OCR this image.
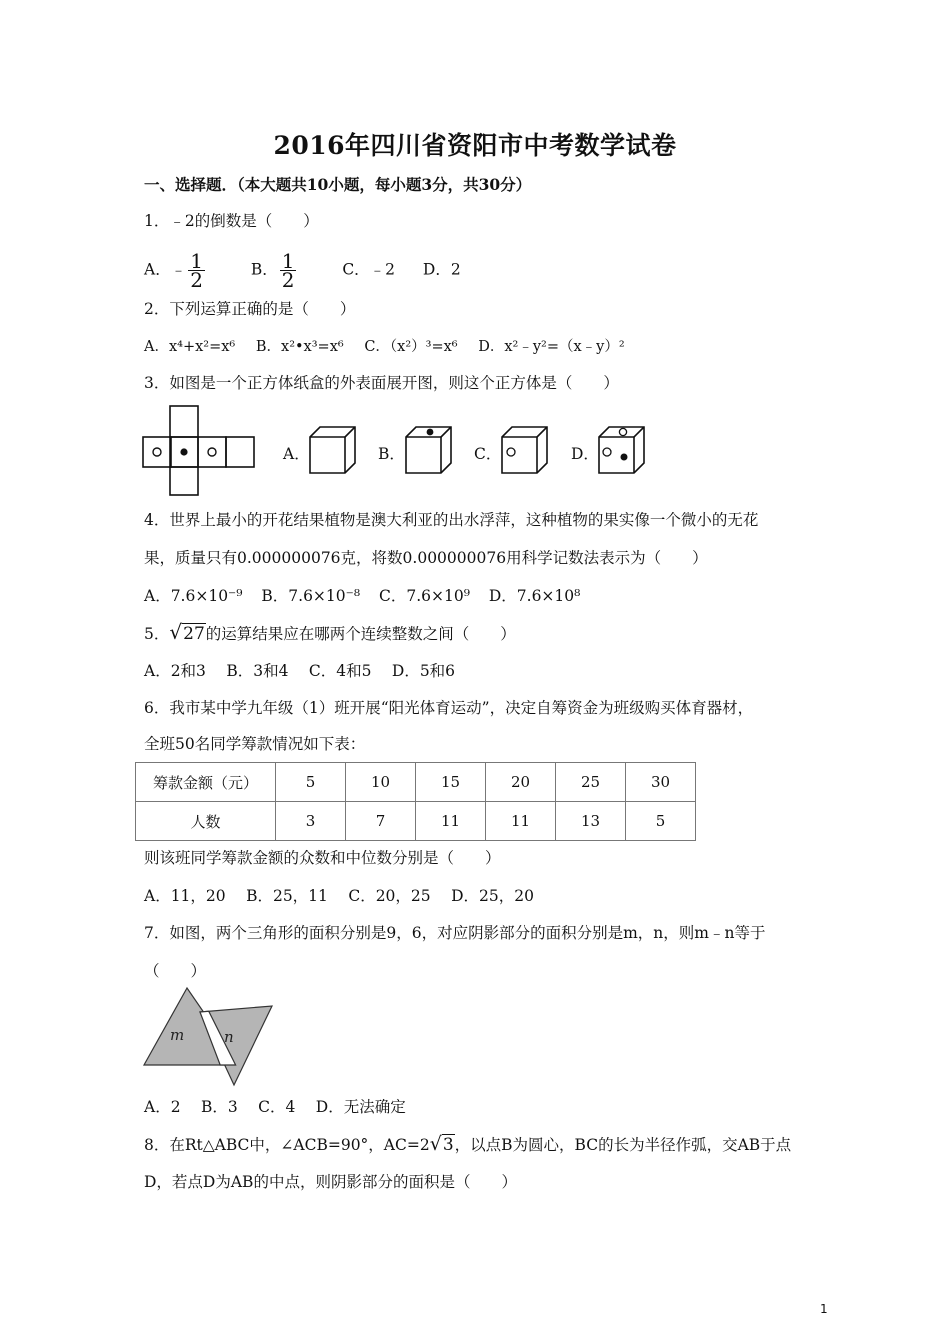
2016年四川省资阳市中考数学试卷
一、选择题．（本大题共10小题，每小题3分，共30分）
1．﹣2的倒数是（　　）
A．﹣ $\frac{1}{2}$	B． $\frac{1}{2}$	C．﹣2 D．2
2．下列运算正确的是（　　）
A．x⁴+x²=x⁶ B．x²•x³=x⁶ C．（x²）³=x⁶ D．x²﹣y²=（x﹣y）²
3．如图是一个正方体纸盒的外表面展开图，则这个正方体是（　　）
A．	B．	C．	D．
4．世界上最小的开花结果植物是澳大利亚的出水浮萍，这种植物的果实像一个微小的无花
果，质量只有0.000000076克，将数0.000000076用科学记数法表示为（　　）
A．7.6×10⁻⁹ B．7.6×10⁻⁸ C．7.6×10⁹ D．7.6×10⁸
5．√27的运算结果应在哪两个连续整数之间（　　）
A．2和3　 B．3和4　 C．4和5　 D．5和6
6．我市某中学九年级（1）班开展“阳光体育运动”，决定自筹资金为班级购买体育器材，
全班50名同学筹款情况如下表：
筹款金额（元）	5	10	15	20	25	30
人数	3	7	11	11	13	5
则该班同学筹款金额的众数和中位数分别是（　　）
A．11，20　 B．25，11　 C．20，25　 D．25，20
7．如图，两个三角形的面积分别是9，6，对应阴影部分的面积分别是m，n，则m﹣n等于
（　　）
m	n
A．2　 B．3　 C．4　 D．无法确定
8．在Rt△ABC中，∠ACB=90°，AC=2√3，以点B为圆心，BC的长为半径作弧，交AB于点
D，若点D为AB的中点，则阴影部分的面积是（　　）
1
